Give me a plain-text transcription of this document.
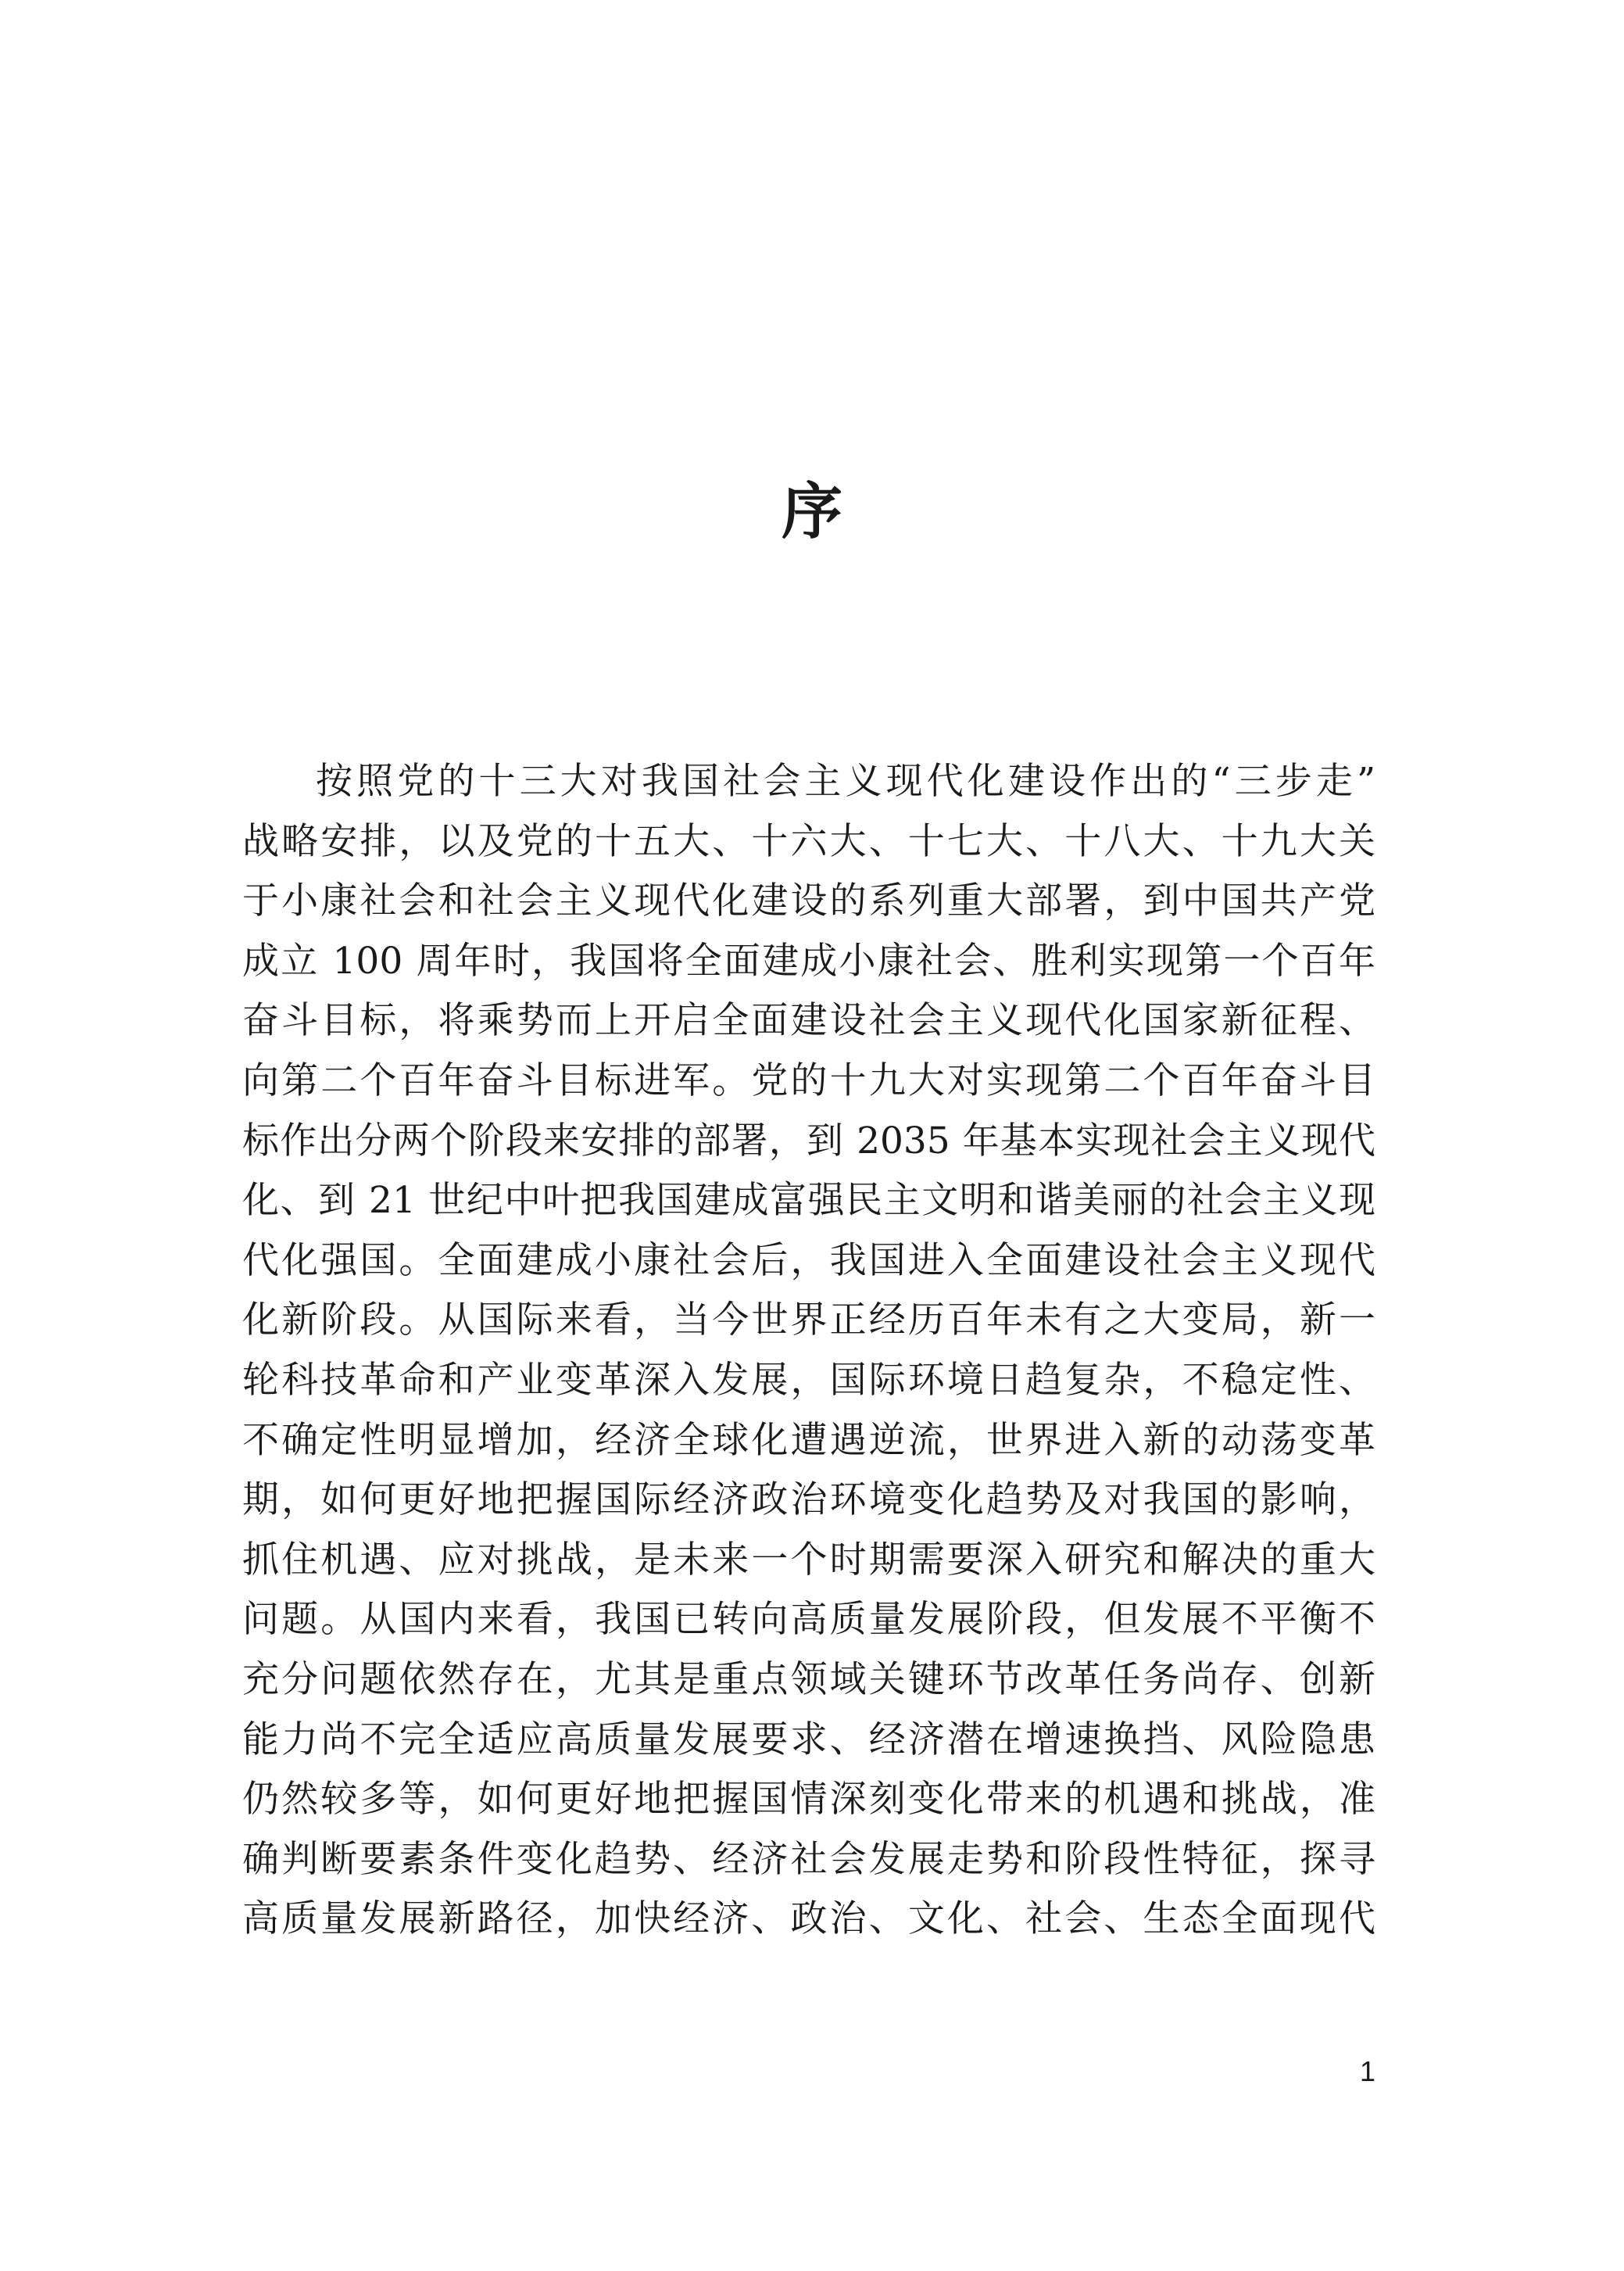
序
按照党的十三大对我国社会主义现代化建设作出的“三步走”
战略安排，以及党的十五大、十六大、十七大、十八大、十九大关
于小康社会和社会主义现代化建设的系列重大部署，到中国共产党
成立 100 周年时，我国将全面建成小康社会、胜利实现第一个百年
奋斗目标，将乘势而上开启全面建设社会主义现代化国家新征程、
向第二个百年奋斗目标进军。党的十九大对实现第二个百年奋斗目
标作出分两个阶段来安排的部署，到 2035 年基本实现社会主义现代
化、到 21 世纪中叶把我国建成富强民主文明和谐美丽的社会主义现
代化强国。全面建成小康社会后，我国进入全面建设社会主义现代
化新阶段。从国际来看，当今世界正经历百年未有之大变局，新一
轮科技革命和产业变革深入发展，国际环境日趋复杂，不稳定性、
不确定性明显增加，经济全球化遭遇逆流，世界进入新的动荡变革
期，如何更好地把握国际经济政治环境变化趋势及对我国的影响，
抓住机遇、应对挑战，是未来一个时期需要深入研究和解决的重大
问题。从国内来看，我国已转向高质量发展阶段，但发展不平衡不
充分问题依然存在，尤其是重点领域关键环节改革任务尚存、创新
能力尚不完全适应高质量发展要求、经济潜在增速换挡、风险隐患
仍然较多等，如何更好地把握国情深刻变化带来的机遇和挑战，准
确判断要素条件变化趋势、经济社会发展走势和阶段性特征，探寻
高质量发展新路径，加快经济、政治、文化、社会、生态全面现代
1
